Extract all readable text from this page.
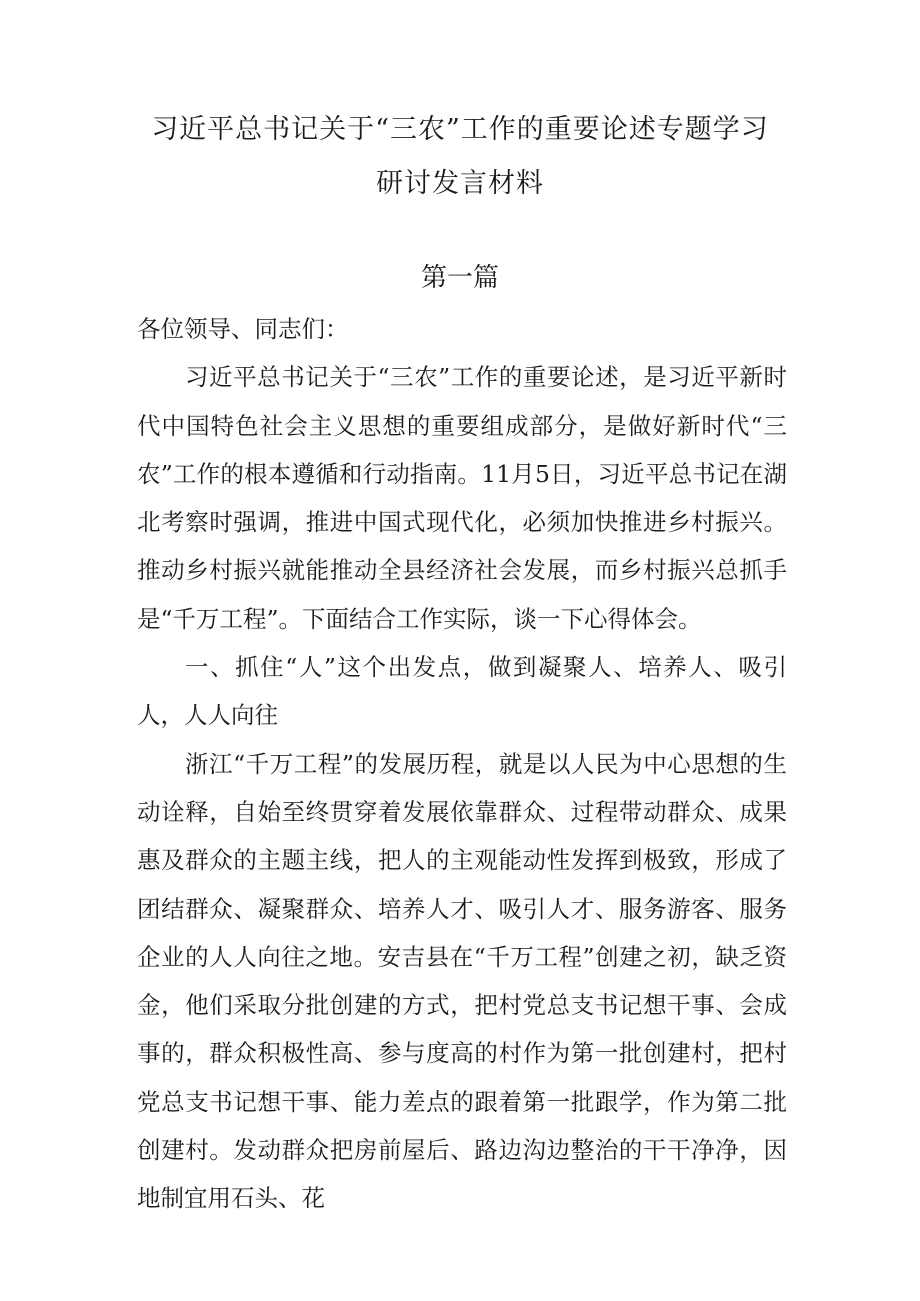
习近平总书记关于“三农”工作的重要论述专题学习
研讨发言材料
第一篇

各位领导、同志们：

习近平总书记关于“三农”工作的重要论述，是习近平新时代中国特色社会主义思想的重要组成部分，是做好新时代“三农”工作的根本遵循和行动指南。11月5日，习近平总书记在湖北考察时强调，推进中国式现代化，必须加快推进乡村振兴。推动乡村振兴就能推动全县经济社会发展，而乡村振兴总抓手是“千万工程”。下面结合工作实际，谈一下心得体会。

一、抓住“人”这个出发点，做到凝聚人、培养人、吸引人，人人向往

浙江“千万工程”的发展历程，就是以人民为中心思想的生动诠释，自始至终贯穿着发展依靠群众、过程带动群众、成果惠及群众的主题主线，把人的主观能动性发挥到极致，形成了团结群众、凝聚群众、培养人才、吸引人才、服务游客、服务企业的人人向往之地。安吉县在“千万工程”创建之初，缺乏资金，他们采取分批创建的方式，把村党总支书记想干事、会成事的，群众积极性高、参与度高的村作为第一批创建村，把村党总支书记想干事、能力差点的跟着第一批跟学，作为第二批创建村。发动群众把房前屋后、路边沟边整治的干干净净，因地制宜用石头、花
